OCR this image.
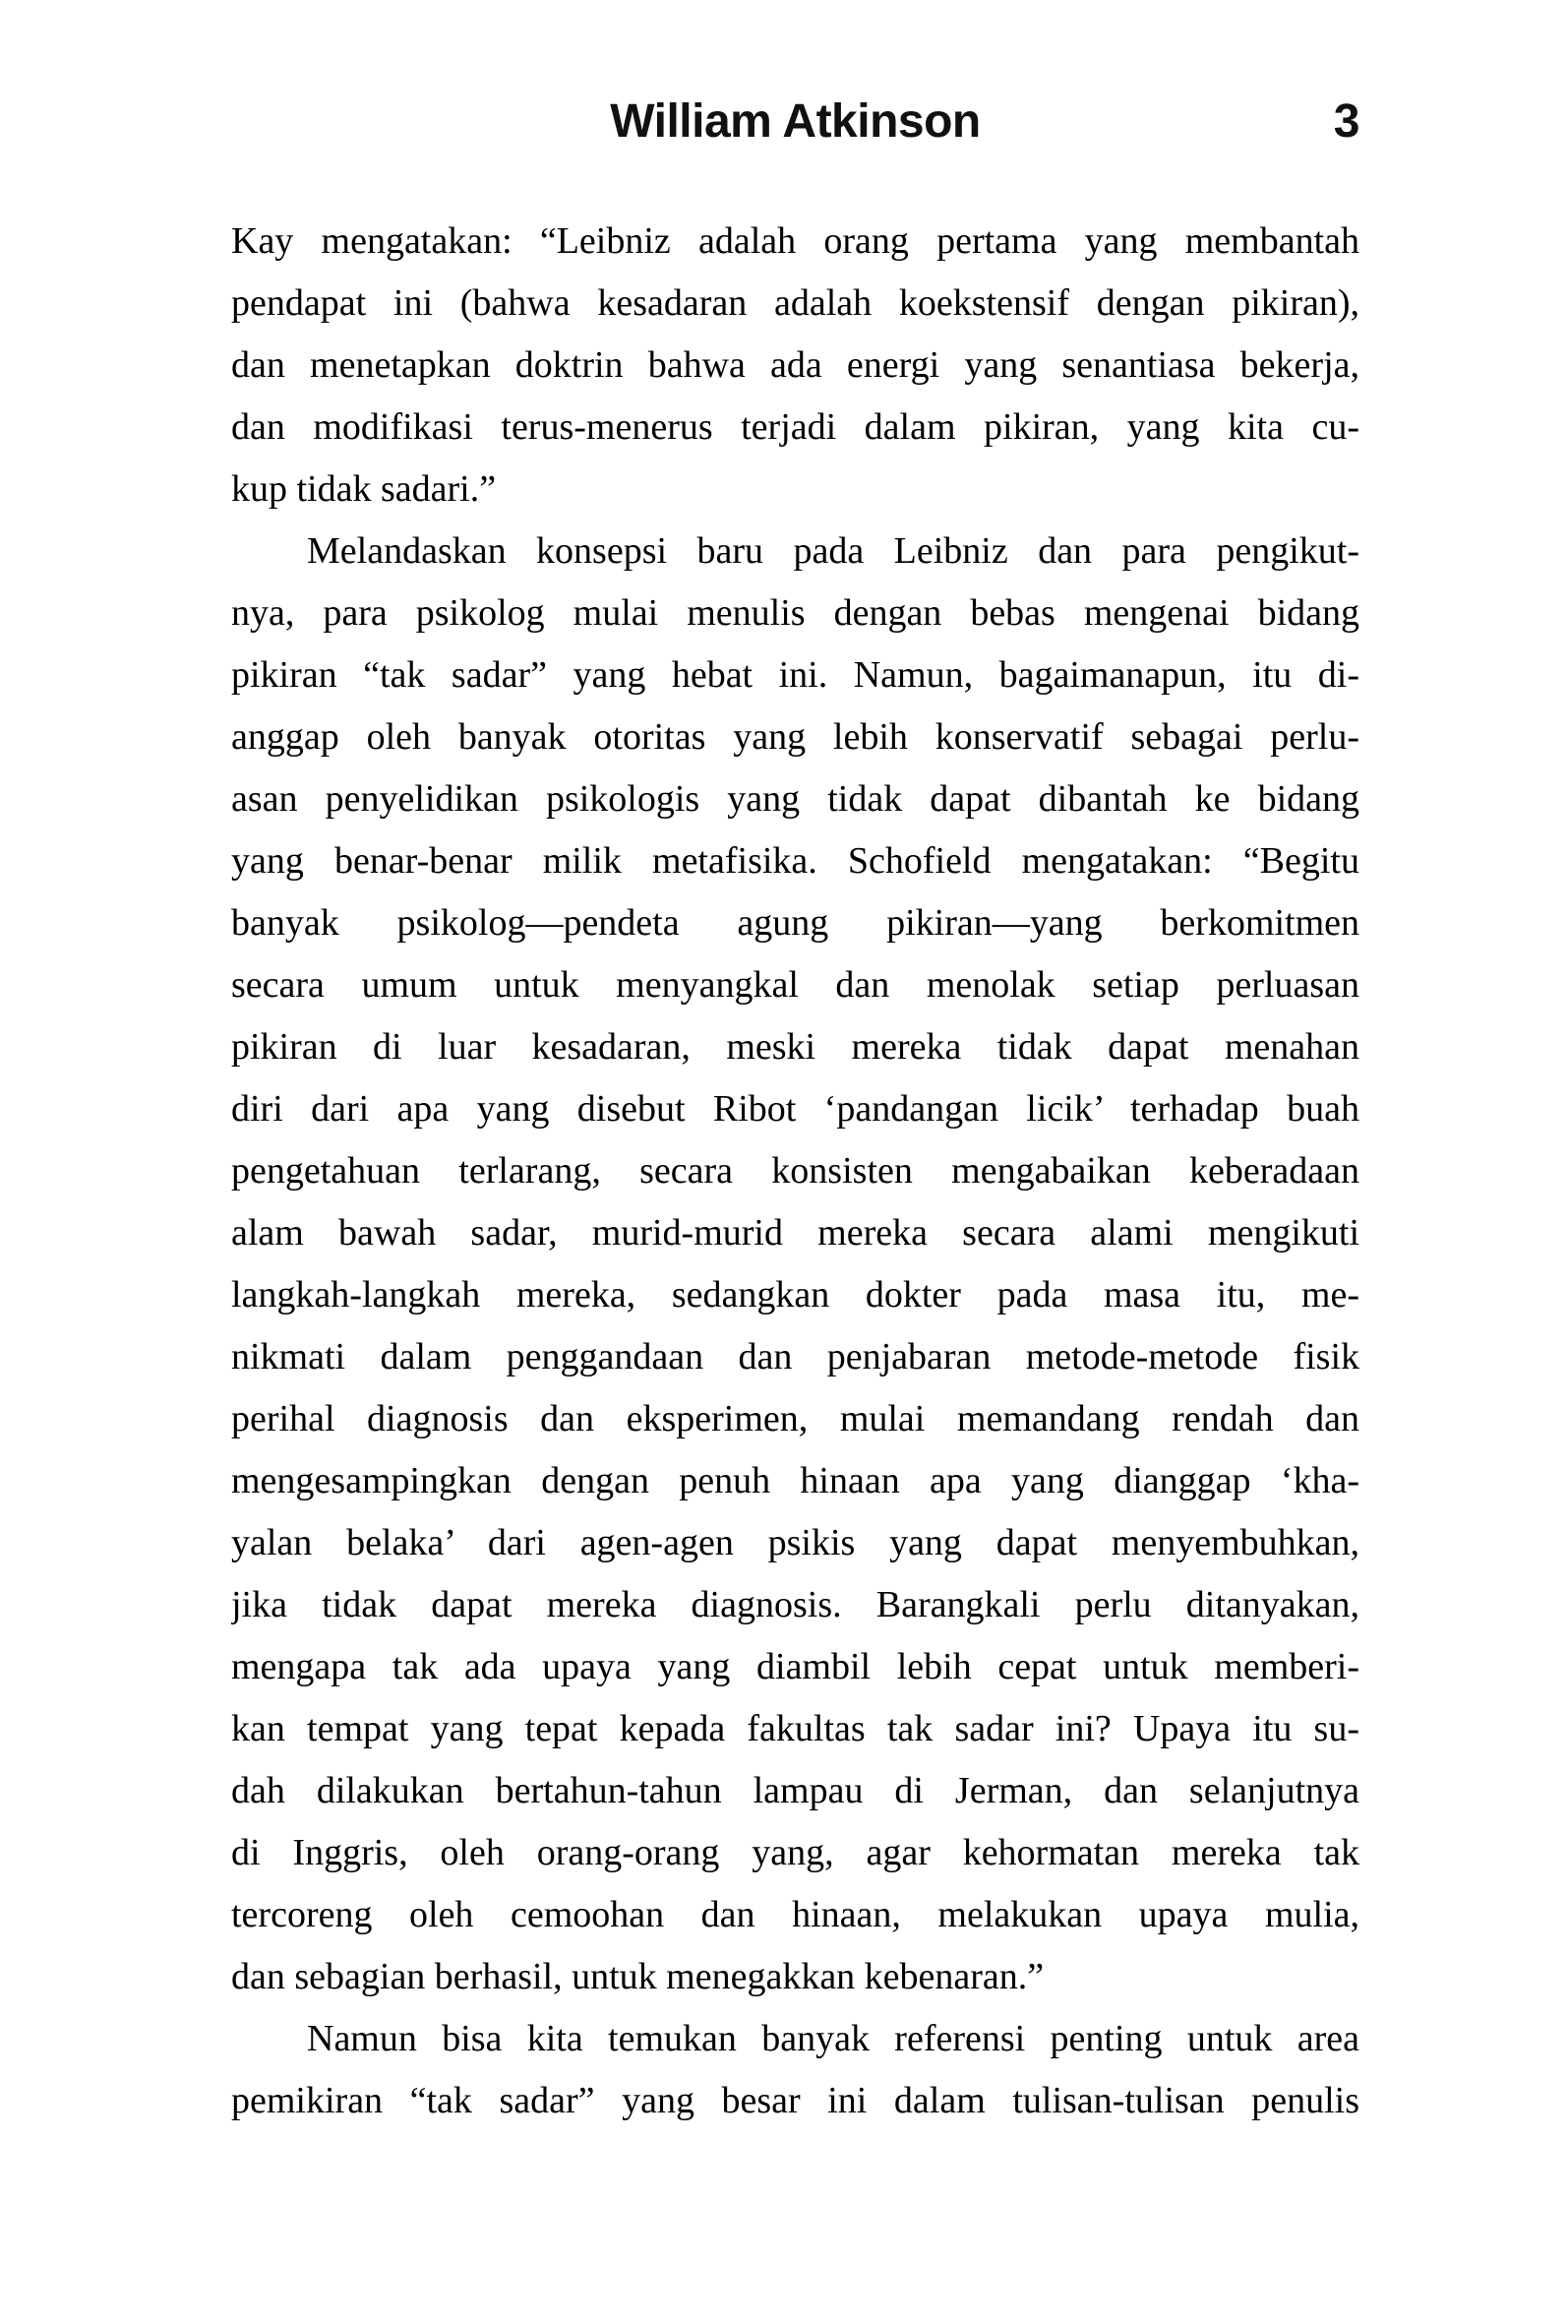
William Atkinson	3
Kay mengatakan: “Leibniz adalah orang pertama yang membantah
pendapat ini (bahwa kesadaran adalah koekstensif dengan pikiran),
dan menetapkan doktrin bahwa ada energi yang senantiasa bekerja,
dan modifikasi terus-menerus terjadi dalam pikiran, yang kita cu-
kup tidak sadari.”
Melandaskan konsepsi baru pada Leibniz dan para pengikut-
nya, para psikolog mulai menulis dengan bebas mengenai bidang
pikiran “tak sadar” yang hebat ini. Namun, bagaimanapun, itu di-
anggap oleh banyak otoritas yang lebih konservatif sebagai perlu-
asan penyelidikan psikologis yang tidak dapat dibantah ke bidang
yang benar-benar milik metafisika. Schofield mengatakan: “Begitu
banyak psikolog—pendeta agung pikiran—yang berkomitmen
secara umum untuk menyangkal dan menolak setiap perluasan
pikiran di luar kesadaran, meski mereka tidak dapat menahan
diri dari apa yang disebut Ribot ‘pandangan licik’ terhadap buah
pengetahuan terlarang, secara konsisten mengabaikan keberadaan
alam bawah sadar, murid-murid mereka secara alami mengikuti
langkah-langkah mereka, sedangkan dokter pada masa itu, me-
nikmati dalam penggandaan dan penjabaran metode-metode fisik
perihal diagnosis dan eksperimen, mulai memandang rendah dan
mengesampingkan dengan penuh hinaan apa yang dianggap ‘kha-
yalan belaka’ dari agen-agen psikis yang dapat menyembuhkan,
jika tidak dapat mereka diagnosis. Barangkali perlu ditanyakan,
mengapa tak ada upaya yang diambil lebih cepat untuk memberi-
kan tempat yang tepat kepada fakultas tak sadar ini? Upaya itu su-
dah dilakukan bertahun-tahun lampau di Jerman, dan selanjutnya
di Inggris, oleh orang-orang yang, agar kehormatan mereka tak
tercoreng oleh cemoohan dan hinaan, melakukan upaya mulia,
dan sebagian berhasil, untuk menegakkan kebenaran.”
Namun bisa kita temukan banyak referensi penting untuk area
pemikiran “tak sadar” yang besar ini dalam tulisan-tulisan penulis
